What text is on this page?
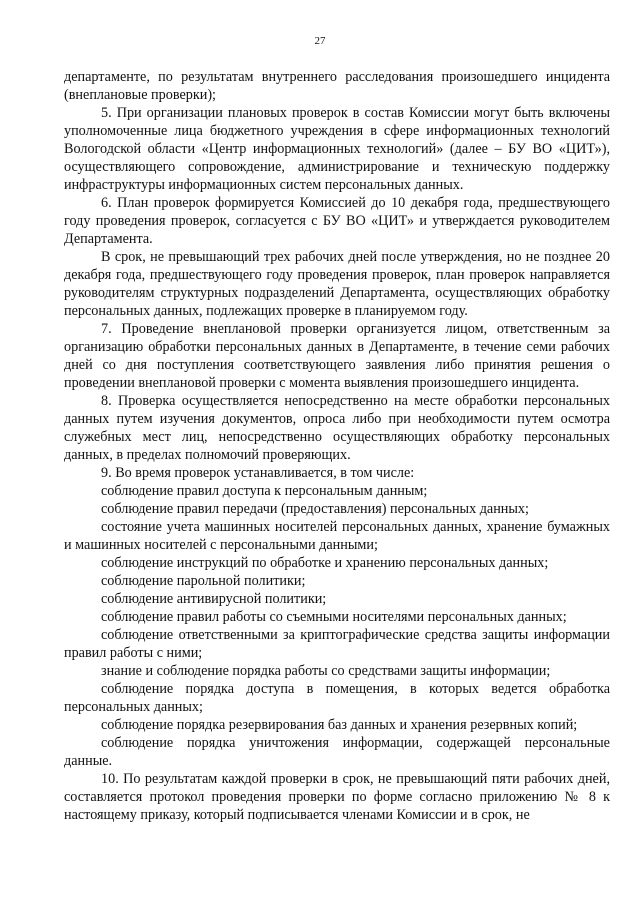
27

департаменте, по результатам внутреннего расследования произошедшего инцидента (внеплановые проверки);

5. При организации плановых проверок в состав Комиссии могут быть включены уполномоченные лица бюджетного учреждения в сфере информационных технологий Вологодской области «Центр информационных технологий» (далее – БУ ВО «ЦИТ»), осуществляющего сопровождение, администрирование и техническую поддержку инфраструктуры информационных систем персональных данных.

6. План проверок формируется Комиссией до 10 декабря года, предшествующего году проведения проверок, согласуется с БУ ВО «ЦИТ» и утверждается руководителем Департамента.

В срок, не превышающий трех рабочих дней после утверждения, но не позднее 20 декабря года, предшествующего году проведения проверок, план проверок направляется руководителям структурных подразделений Департамента, осуществляющих обработку персональных данных, подлежащих проверке в планируемом году.

7. Проведение внеплановой проверки организуется лицом, ответственным за организацию обработки персональных данных в Департаменте, в течение семи рабочих дней со дня поступления соответствующего заявления либо принятия решения о проведении внеплановой проверки с момента выявления произошедшего инцидента.

8. Проверка осуществляется непосредственно на месте обработки персональных данных путем изучения документов, опроса либо при необходимости путем осмотра служебных мест лиц, непосредственно осуществляющих обработку персональных данных, в пределах полномочий проверяющих.

9. Во время проверок устанавливается, в том числе:

соблюдение правил доступа к персональным данным;

соблюдение правил передачи (предоставления) персональных данных;

состояние учета машинных носителей персональных данных, хранение бумажных и машинных носителей с персональными данными;

соблюдение инструкций по обработке и хранению персональных данных;

соблюдение парольной политики;

соблюдение антивирусной политики;

соблюдение правил работы со съемными носителями персональных данных;

соблюдение ответственными за криптографические средства защиты информации правил работы с ними;

знание и соблюдение порядка работы со средствами защиты информации;

соблюдение порядка доступа в помещения, в которых ведется обработка персональных данных;

соблюдение порядка резервирования баз данных и хранения резервных копий;

соблюдение порядка уничтожения информации, содержащей персональные данные.

10. По результатам каждой проверки в срок, не превышающий пяти рабочих дней, составляется протокол проведения проверки по форме согласно приложению № 8 к настоящему приказу, который подписывается членами Комиссии и в срок, не
